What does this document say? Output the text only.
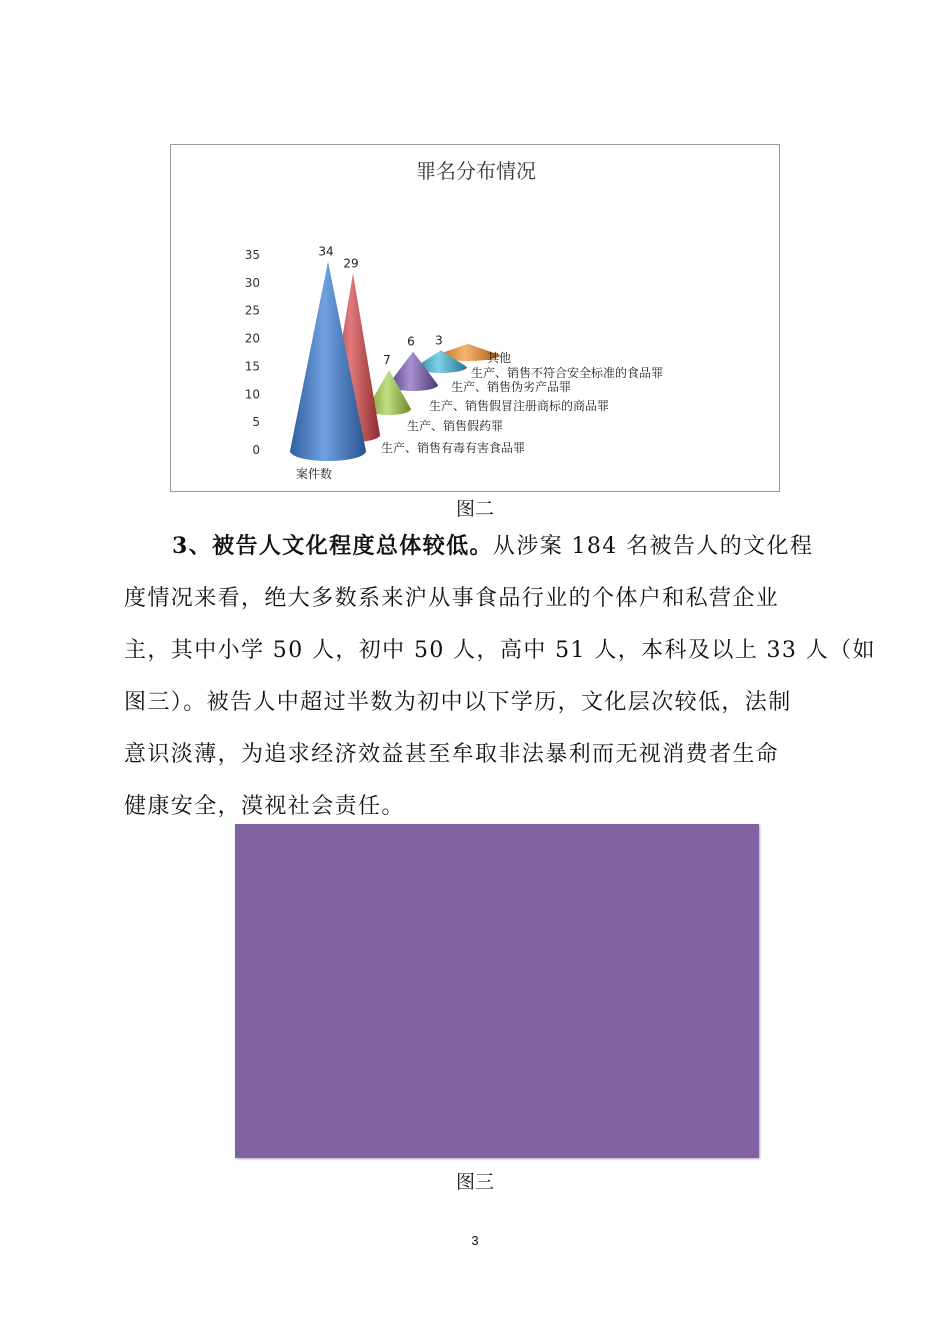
罪名分布情况
0
5
10
15
20
25
30
35
3
6
7
29
34
生产、销售有毒有害食品罪
生产、销售假药罪
生产、销售假冒注册商标的商品罪
生产、销售伪劣产品罪
生产、销售不符合安全标准的食品罪
其他
案件数
图二

3、被告人文化程度总体较低。从涉案 184 名被告人的文化程

度情况来看，绝大多数系来沪从事食品行业的个体户和私营企业

主，其中小学 50 人，初中 50 人，高中 51 人，本科及以上 33 人（如

图三）。被告人中超过半数为初中以下学历，文化层次较低，法制

意识淡薄，为追求经济效益甚至牟取非法暴利而无视消费者生命

健康安全，漠视社会责任。

图三
3
